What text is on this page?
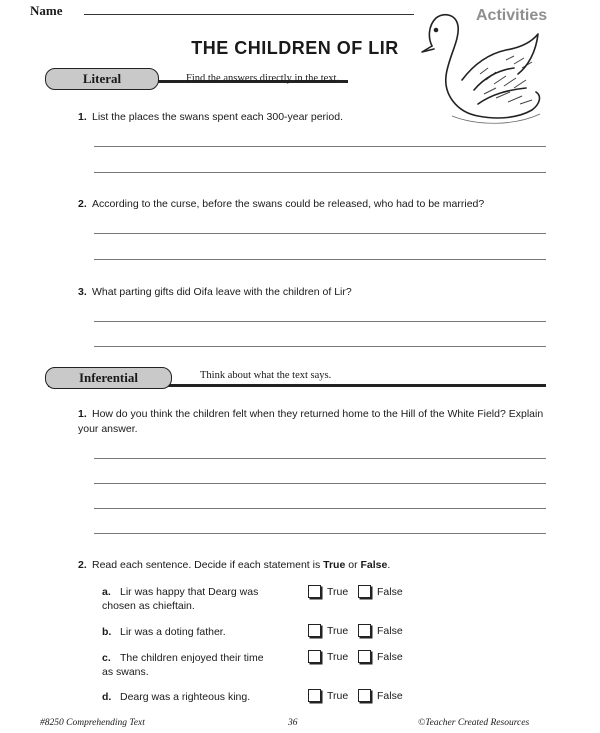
Name	Activities
THE CHILDREN OF LIR
Literal	Find the answers directly in the text.
1. List the places the swans spent each 300-year period.
2. According to the curse, before the swans could be released, who had to be married?
3. What parting gifts did Oifa leave with the children of Lir?
Inferential	Think about what the text says.
1. How do you think the children felt when they returned home to the Hill of the White Field? Explain your answer.
2. Read each sentence. Decide if each statement is True or False.
a. Lir was happy that Dearg was chosen as chieftain.
True	False
b. Lir was a doting father.	True	False
c. The children enjoyed their time as swans.
True	False
d. Dearg was a righteous king.	True	False
#8250 Comprehending Text	36	©Teacher Created Resources
